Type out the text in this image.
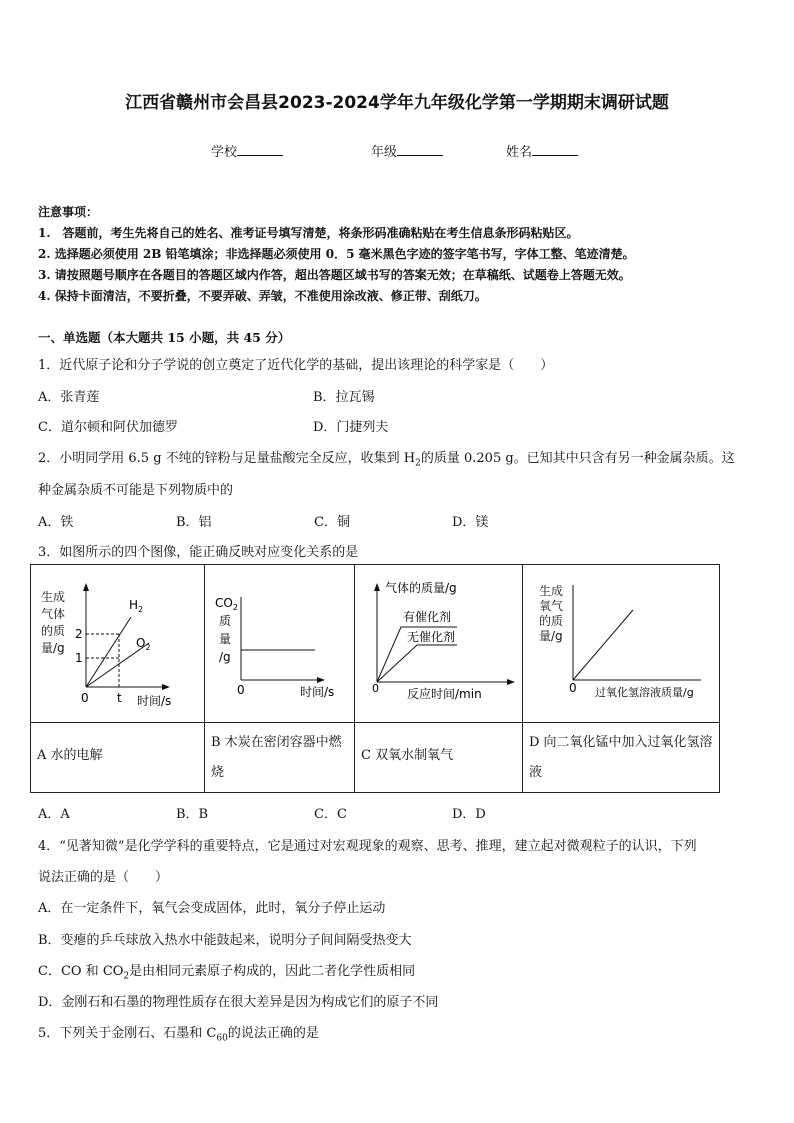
江西省赣州市会昌县2023-2024学年九年级化学第一学期期末调研试题
学校	年级	姓名
注意事项：
1.　答题前，考生先将自己的姓名、准考证号填写清楚，将条形码准确粘贴在考生信息条形码粘贴区。
2. 选择题必须使用 2B 铅笔填涂；非选择题必须使用 0．5 毫米黑色字迹的签字笔书写，字体工整、笔迹清楚。
3. 请按照题号顺序在各题目的答题区域内作答，超出答题区域书写的答案无效；在草稿纸、试题卷上答题无效。
4. 保持卡面清洁，不要折叠，不要弄破、弄皱，不准使用涂改液、修正带、刮纸刀。
一、单选题（本大题共 15 小题，共 45 分）
1．近代原子论和分子学说的创立奠定了近代化学的基础，提出该理论的科学家是（　　）
A．张青莲	B．拉瓦锡
C．道尔顿和阿伏加德罗	D．门捷列夫
2．小明同学用 6.5 g 不纯的锌粉与足量盐酸完全反应，收集到 $H_2$的质量 0.205 g。已知其中只含有另一种金属杂质。这
种金属杂质不可能是下列物质中的
A．铁	B．铝	C．铜	D．镁
3．如图所示的四个图像，能正确反映对应变化关系的是
生成
气体
的质
量/g
2
1
$H_2$
$O_2$
0 t 时间/s
$CO_2$
质
量
/g
0	时间/s
气体的质量/g
有催化剂
无催化剂
0 反应时间/min
生成
氧气
的质
量/g
0 过氧化氢溶液质量/g
A 水的电解
B 木炭在密闭容器中燃烧
C 双氧水制氧气
D 向二氧化锰中加入过氧化氢溶液
A．A	B．B	C．C	D．D
4．“见著知微”是化学学科的重要特点，它是通过对宏观现象的观察、思考、推理，建立起对微观粒子的认识，下列
说法正确的是（　　）
A．在一定条件下，氧气会变成固体，此时，氧分子停止运动
B．变瘪的乒乓球放入热水中能鼓起来，说明分子间间隔受热变大
C．CO 和 $CO_2$是由相同元素原子构成的，因此二者化学性质相同
D．金刚石和石墨的物理性质存在很大差异是因为构成它们的原子不同
5．下列关于金刚石、石墨和 $C_{60}$的说法正确的是
